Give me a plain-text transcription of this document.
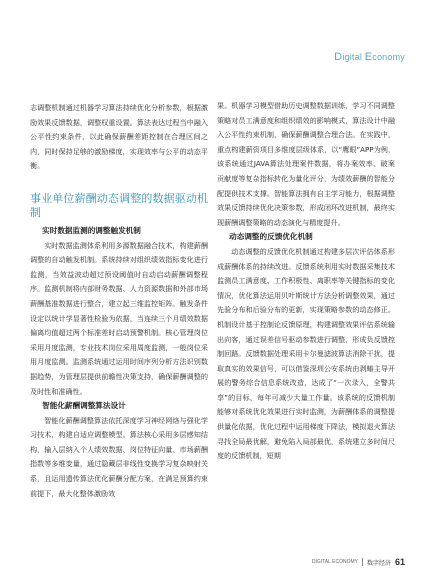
Digital Economy

志调整机制通过机器学习算法持续优化分析参数，根据激励效果反馈数据，调整权重设置。算法表达过程当中融入公平性约束条件，以此确保薪酬差距控制在合理区间之内，同时保持足够的激励梯度，实现效率与公平的动态平衡。

事业单位薪酬动态调整的数据驱动机制

实时数据监测的调整触发机制

实时数据监测体系利用多源数据融合技术，构建薪酬调整的自动触发机制。系统持续对组织绩效指标变化进行监测，当效益波动超过预设阈值时自动启动薪酬调整程序。监测机制将内部财务数据、人力资源数据和外部市场薪酬基准数据进行整合，建立起三维监控矩阵。触发条件设定以统计学显著性检验为依据，当连续三个月绩效数据偏离均值超过两个标准差时启动预警机制。核心管理岗位采用月度监测，专业技术岗位采用周度监测，一般岗位采用月度监测。监测系统通过运用时间序列分析方法识别数据趋势，为管理层提供前瞻性决策支持，确保薪酬调整的及时性和准确性。

智能化薪酬调整算法设计

智能化薪酬调整算法依托深度学习神经网络与强化学习技术，构建自适应调整模型。算法核心采用多层感知结构，输入层纳入个人绩效数据、岗位特征向量、市场薪酬指数等多维变量，通过隐藏层非线性变换学习复杂映射关系，且运用遗传算法优化薪酬分配方案，在满足预算约束前提下，最大化整体激励效

果。机器学习模型借助历史调整数据训练，学习不同调整策略对员工满意度和组织绩效的影响模式，算法设计中融入公平性约束机制，确保薪酬调整合理合法。在实践中，重点构建薪资项目多维度层级体系，以“鹰眼”APP为例，该系统通过JAVA算法处理案件数据，将办案效率、破案贡献度等复杂指标转化为量化评分，为绩效薪酬的智能分配提供技术支撑。智能算法拥有自主学习能力，根据调整效果反馈持续优化决策参数，形成闭环改进机制，最终实现薪酬调整策略的动态演化与精度提升。

动态调整的反馈优化机制

动态调整的反馈优化机制通过构建多层次评估体系形成薪酬体系的持续改进。反馈系统利用实时数据采集技术监测员工满意度、工作积极性、离职率等关键指标的变化情况，优化算法运用贝叶斯统计方法分析调整效果，通过先验分布和后验分布的更新，实现策略参数的动态修正。机制设计基于控制论反馈原理，构建调整效果评估系统输出向客，通过误差信号驱动参数进行调整，形成负反馈控制回路。反馈数据处理采用卡尔曼滤波算法消除干扰，提取真实的效果信号，可以借鉴深圳公安系统由剥蝽主导开展的警务综合信息系统改造，达成了“一次录入，全警共享”的目标，每年可减少大量工作量。该系统的反馈机制能够对系统优化效果进行实时监测，为薪酬体系的调整提供量化依据，优化过程中运用梯度下降法，模拟退火算法寻找全局最优解，避免陷入局部最优，系统建立多时间尺度的反馈机制，短期

DIGITAL ECONOMY 数字经济 61
